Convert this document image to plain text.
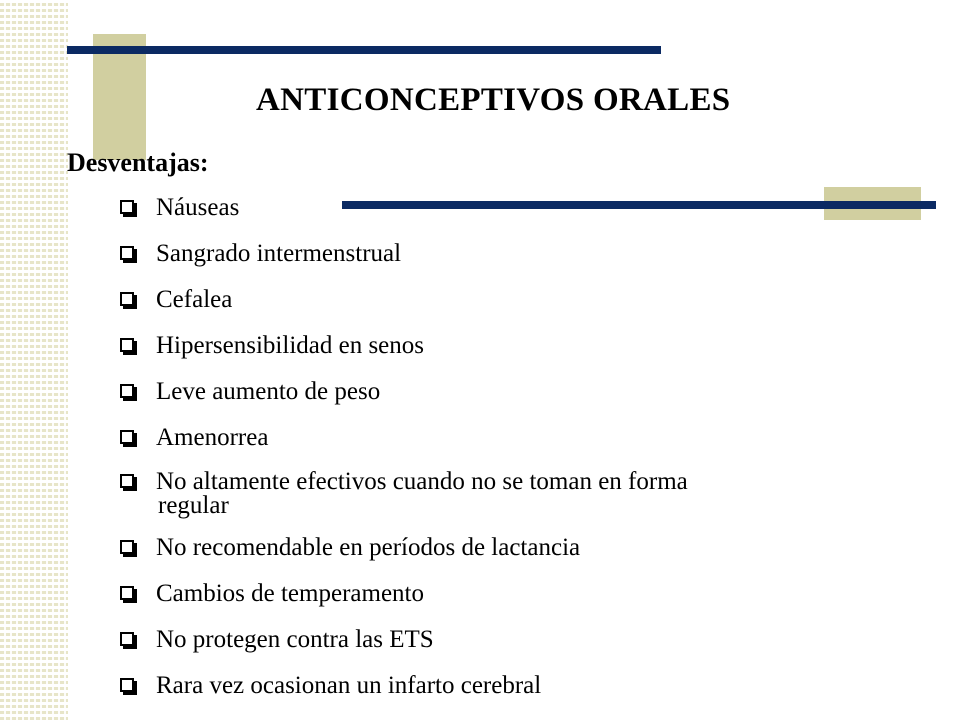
ANTICONCEPTIVOS ORALES
Desventajas:
Náuseas
Sangrado intermenstrual
Cefalea
Hipersensibilidad en senos
Leve aumento de peso
Amenorrea
No altamente efectivos cuando no se toman en forma
regular
No recomendable en períodos de lactancia
Cambios de temperamento
No protegen contra las ETS
Rara vez ocasionan un infarto cerebral
